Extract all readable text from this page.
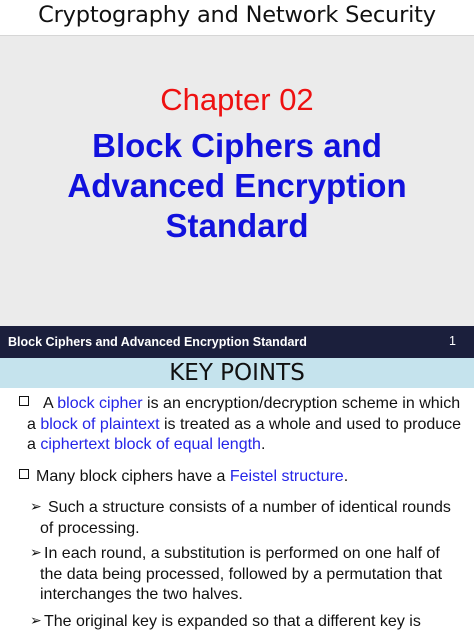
Cryptography and Network Security
Chapter 02
Block Ciphers and
Advanced Encryption
Standard
Block Ciphers and Advanced Encryption Standard	1
KEY POINTS
A block cipher is an encryption/decryption scheme in which a block of plaintext is treated as a whole and used to produce a ciphertext block of equal length.
Many block ciphers have a Feistel structure.
➢ Such a structure consists of a number of identical rounds of processing.
➢ In each round, a substitution is performed on one half of the data being processed, followed by a permutation that interchanges the two halves.
➢ The original key is expanded so that a different key is
